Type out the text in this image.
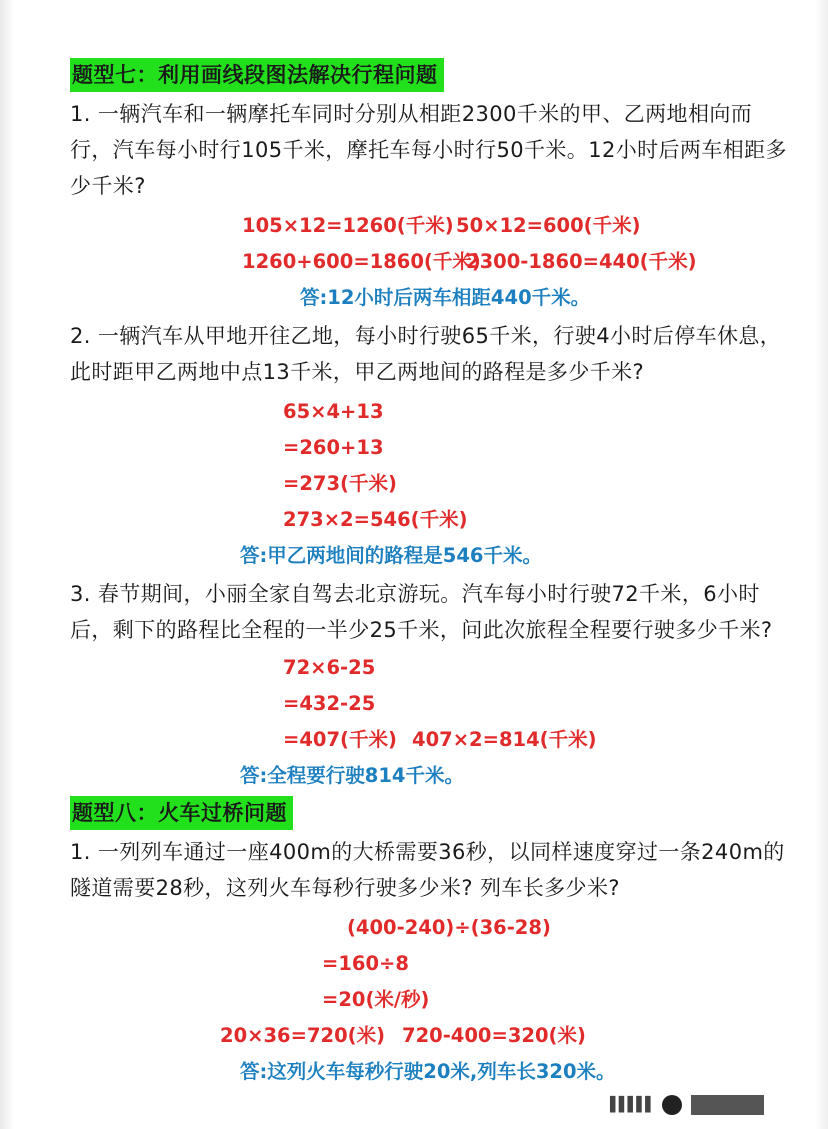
题型七：利用画线段图法解决行程问题

1. 一辆汽车和一辆摩托车同时分别从相距2300千米的甲、乙两地相向而行，汽车每小时行105千米，摩托车每小时行50千米。12小时后两车相距多少千米?

105×12=1260(千米) 50×12=600(千米)
1260+600=1860(千米)
2300-1860=440(千米)
答:12小时后两车相距440千米。

2. 一辆汽车从甲地开往乙地，每小时行驶65千米，行驶4小时后停车休息，此时距甲乙两地中点13千米，甲乙两地间的路程是多少千米?

65×4+13
=260+13
=273(千米)
273×2=546(千米)
答:甲乙两地间的路程是546千米。

3. 春节期间，小丽全家自驾去北京游玩。汽车每小时行驶72千米，6小时后，剩下的路程比全程的一半少25千米，问此次旅程全程要行驶多少千米?

72×6-25
=432-25
=407(千米) 407×2=814(千米)
答:全程要行驶814千米。
题型八：火车过桥问题

1. 一列列车通过一座400m的大桥需要36秒，以同样速度穿过一条240m的隧道需要28秒，这列火车每秒行驶多少米? 列车长多少米?

(400-240)÷(36-28)
=160÷8
=20(米/秒)
20×36=720(米) 720-400=320(米)
答:这列火车每秒行驶20米,列车长320米。
▌▌▌▌▌
